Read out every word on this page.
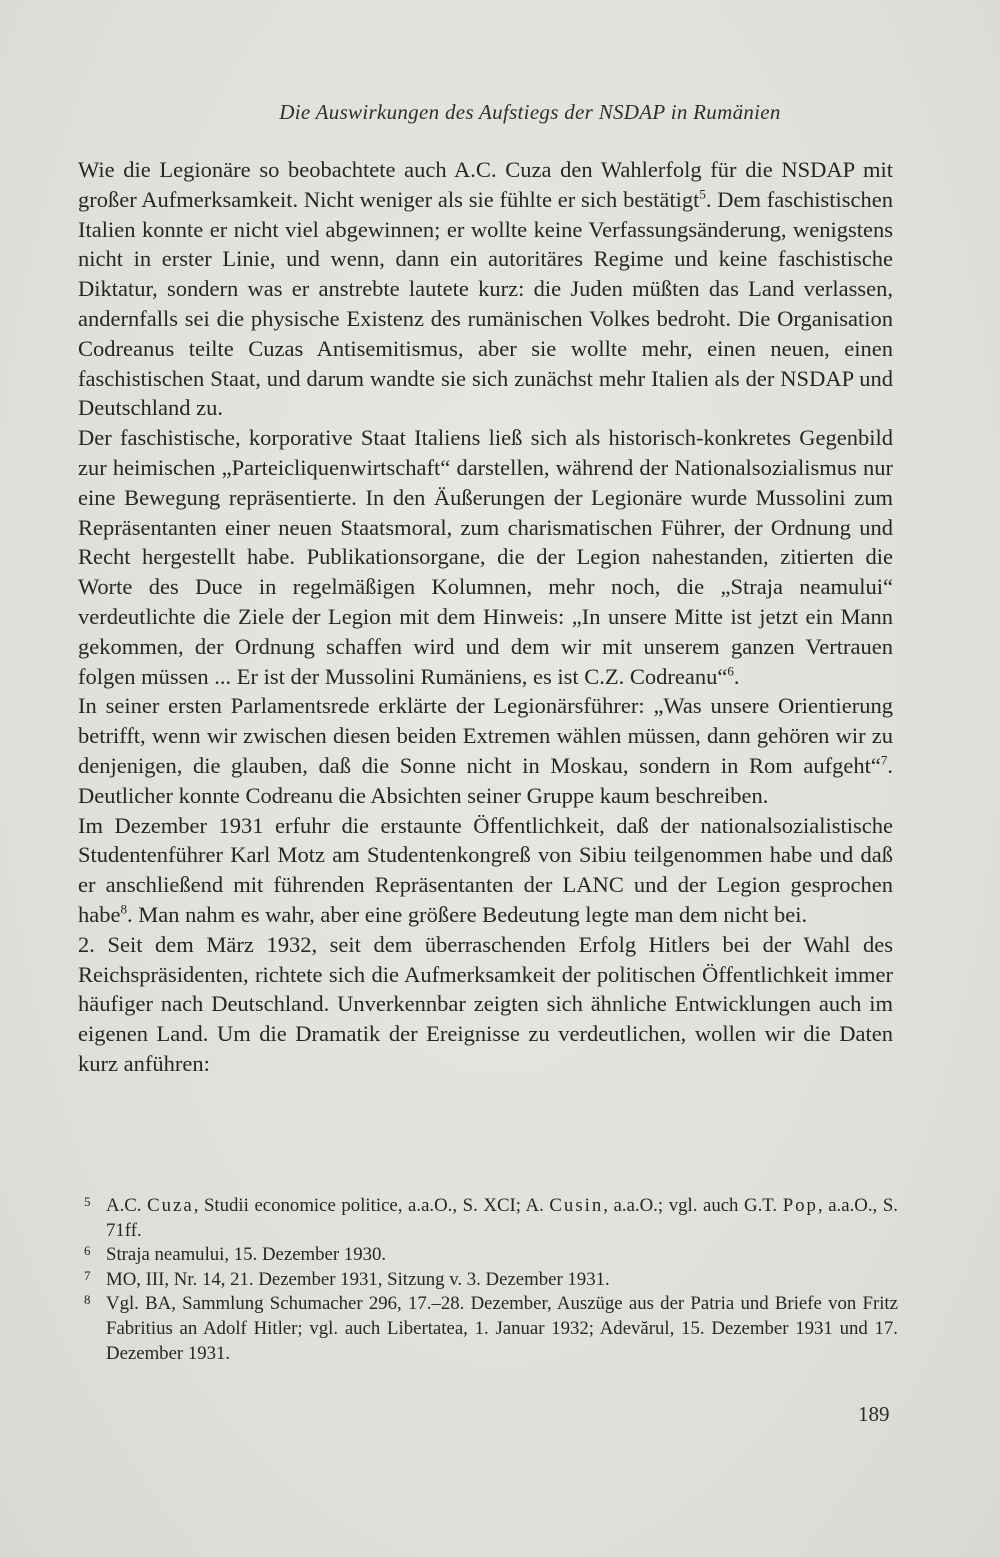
Die Auswirkungen des Aufstiegs der NSDAP in Rumänien

Wie die Legionäre so beobachtete auch A.C. Cuza den Wahlerfolg für die NSDAP mit großer Aufmerksamkeit. Nicht weniger als sie fühlte er sich bestätigt$^5$. Dem faschistischen Italien konnte er nicht viel abgewinnen; er wollte keine Verfassungsänderung, wenigstens nicht in erster Linie, und wenn, dann ein autoritäres Regime und keine faschistische Diktatur, sondern was er anstrebte lautete kurz: die Juden müßten das Land verlassen, andernfalls sei die physische Existenz des rumänischen Volkes bedroht. Die Organisation Codreanus teilte Cuzas Antisemitismus, aber sie wollte mehr, einen neuen, einen faschistischen Staat, und darum wandte sie sich zunächst mehr Italien als der NSDAP und Deutschland zu.

Der faschistische, korporative Staat Italiens ließ sich als historisch-konkretes Gegenbild zur heimischen „Parteicliquenwirtschaft“ darstellen, während der Nationalsozialismus nur eine Bewegung repräsentierte. In den Äußerungen der Legionäre wurde Mussolini zum Repräsentanten einer neuen Staatsmoral, zum charismatischen Führer, der Ordnung und Recht hergestellt habe. Publikationsorgane, die der Legion nahestanden, zitierten die Worte des Duce in regelmäßigen Kolumnen, mehr noch, die „Straja neamului“ verdeutlichte die Ziele der Legion mit dem Hinweis: „In unsere Mitte ist jetzt ein Mann gekommen, der Ordnung schaffen wird und dem wir mit unserem ganzen Vertrauen folgen müssen ... Er ist der Mussolini Rumäniens, es ist C.Z. Codreanu“$^6$.

In seiner ersten Parlamentsrede erklärte der Legionärsführer: „Was unsere Orientierung betrifft, wenn wir zwischen diesen beiden Extremen wählen müssen, dann gehören wir zu denjenigen, die glauben, daß die Sonne nicht in Moskau, sondern in Rom aufgeht“$^7$. Deutlicher konnte Codreanu die Absichten seiner Gruppe kaum beschreiben.

Im Dezember 1931 erfuhr die erstaunte Öffentlichkeit, daß der nationalsozialistische Studentenführer Karl Motz am Studentenkongreß von Sibiu teilgenommen habe und daß er anschließend mit führenden Repräsentanten der LANC und der Legion gesprochen habe$^8$. Man nahm es wahr, aber eine größere Bedeutung legte man dem nicht bei.

2. Seit dem März 1932, seit dem überraschenden Erfolg Hitlers bei der Wahl des Reichspräsidenten, richtete sich die Aufmerksamkeit der politischen Öffentlichkeit immer häufiger nach Deutschland. Unverkennbar zeigten sich ähnliche Entwicklungen auch im eigenen Land. Um die Dramatik der Ereignisse zu verdeutlichen, wollen wir die Daten kurz anführen:

5 A.C. Cuza, Studii economice politice, a.a.O., S. XCI; A. Cusin, a.a.O.; vgl. auch G.T. Pop, a.a.O., S. 71ff.
6 Straja neamului, 15. Dezember 1930.
7 MO, III, Nr. 14, 21. Dezember 1931, Sitzung v. 3. Dezember 1931.
8 Vgl. BA, Sammlung Schumacher 296, 17.–28. Dezember, Auszüge aus der Patria und Briefe von Fritz Fabritius an Adolf Hitler; vgl. auch Libertatea, 1. Januar 1932; Adevărul, 15. Dezember 1931 und 17. Dezember 1931.
189
